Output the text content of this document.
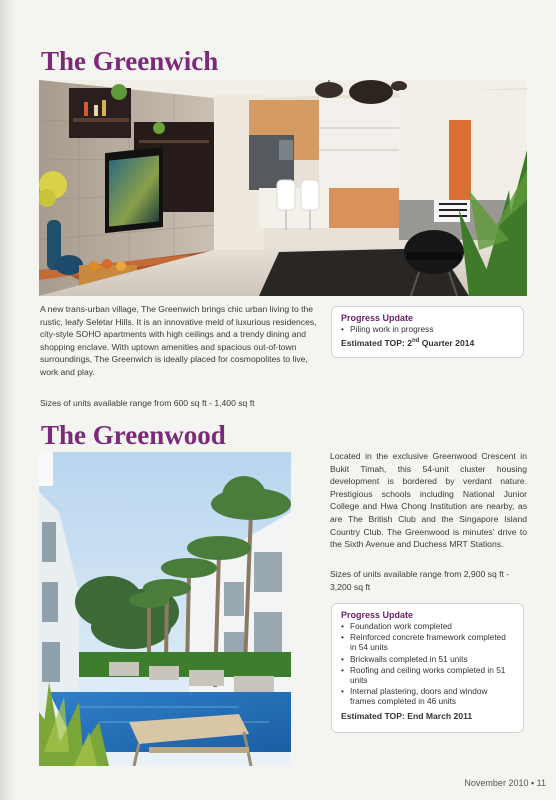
The Greenwich

A new trans-urban village, The Greenwich brings chic urban living to the rustic, leafy Seletar Hills. It is an innovative meld of luxurious residences, city-style SOHO apartments with high ceilings and a trendy dining and shopping enclave. With uptown amenities and spacious out-of-town surroundings, The Greenwich is ideally placed for cosmopolites to live, work and play.

Sizes of units available range from 600 sq ft - 1,400 sq ft

Progress Update
• Piling work in progress
Estimated TOP: 2nd Quarter 2014
The Greenwood

Located in the exclusive Greenwood Crescent in Bukit Timah, this 54-unit cluster housing development is bordered by verdant nature. Prestigious schools including National Junior College and Hwa Chong Institution are nearby, as are The British Club and the Singapore Island Country Club. The Greenwood is minutes' drive to the Sixth Avenue and Duchess MRT Stations.

Sizes of units available range from 2,900 sq ft - 3,200 sq ft

Progress Update
• Foundation work completed
• Reinforced concrete framework completed in 54 units
• Brickwalls completed in 51 units
• Roofing and ceiling works completed in 51 units
• Internal plastering, doors and window frames completed in 46 units
Estimated TOP: End March 2011
November 2010 • 11
